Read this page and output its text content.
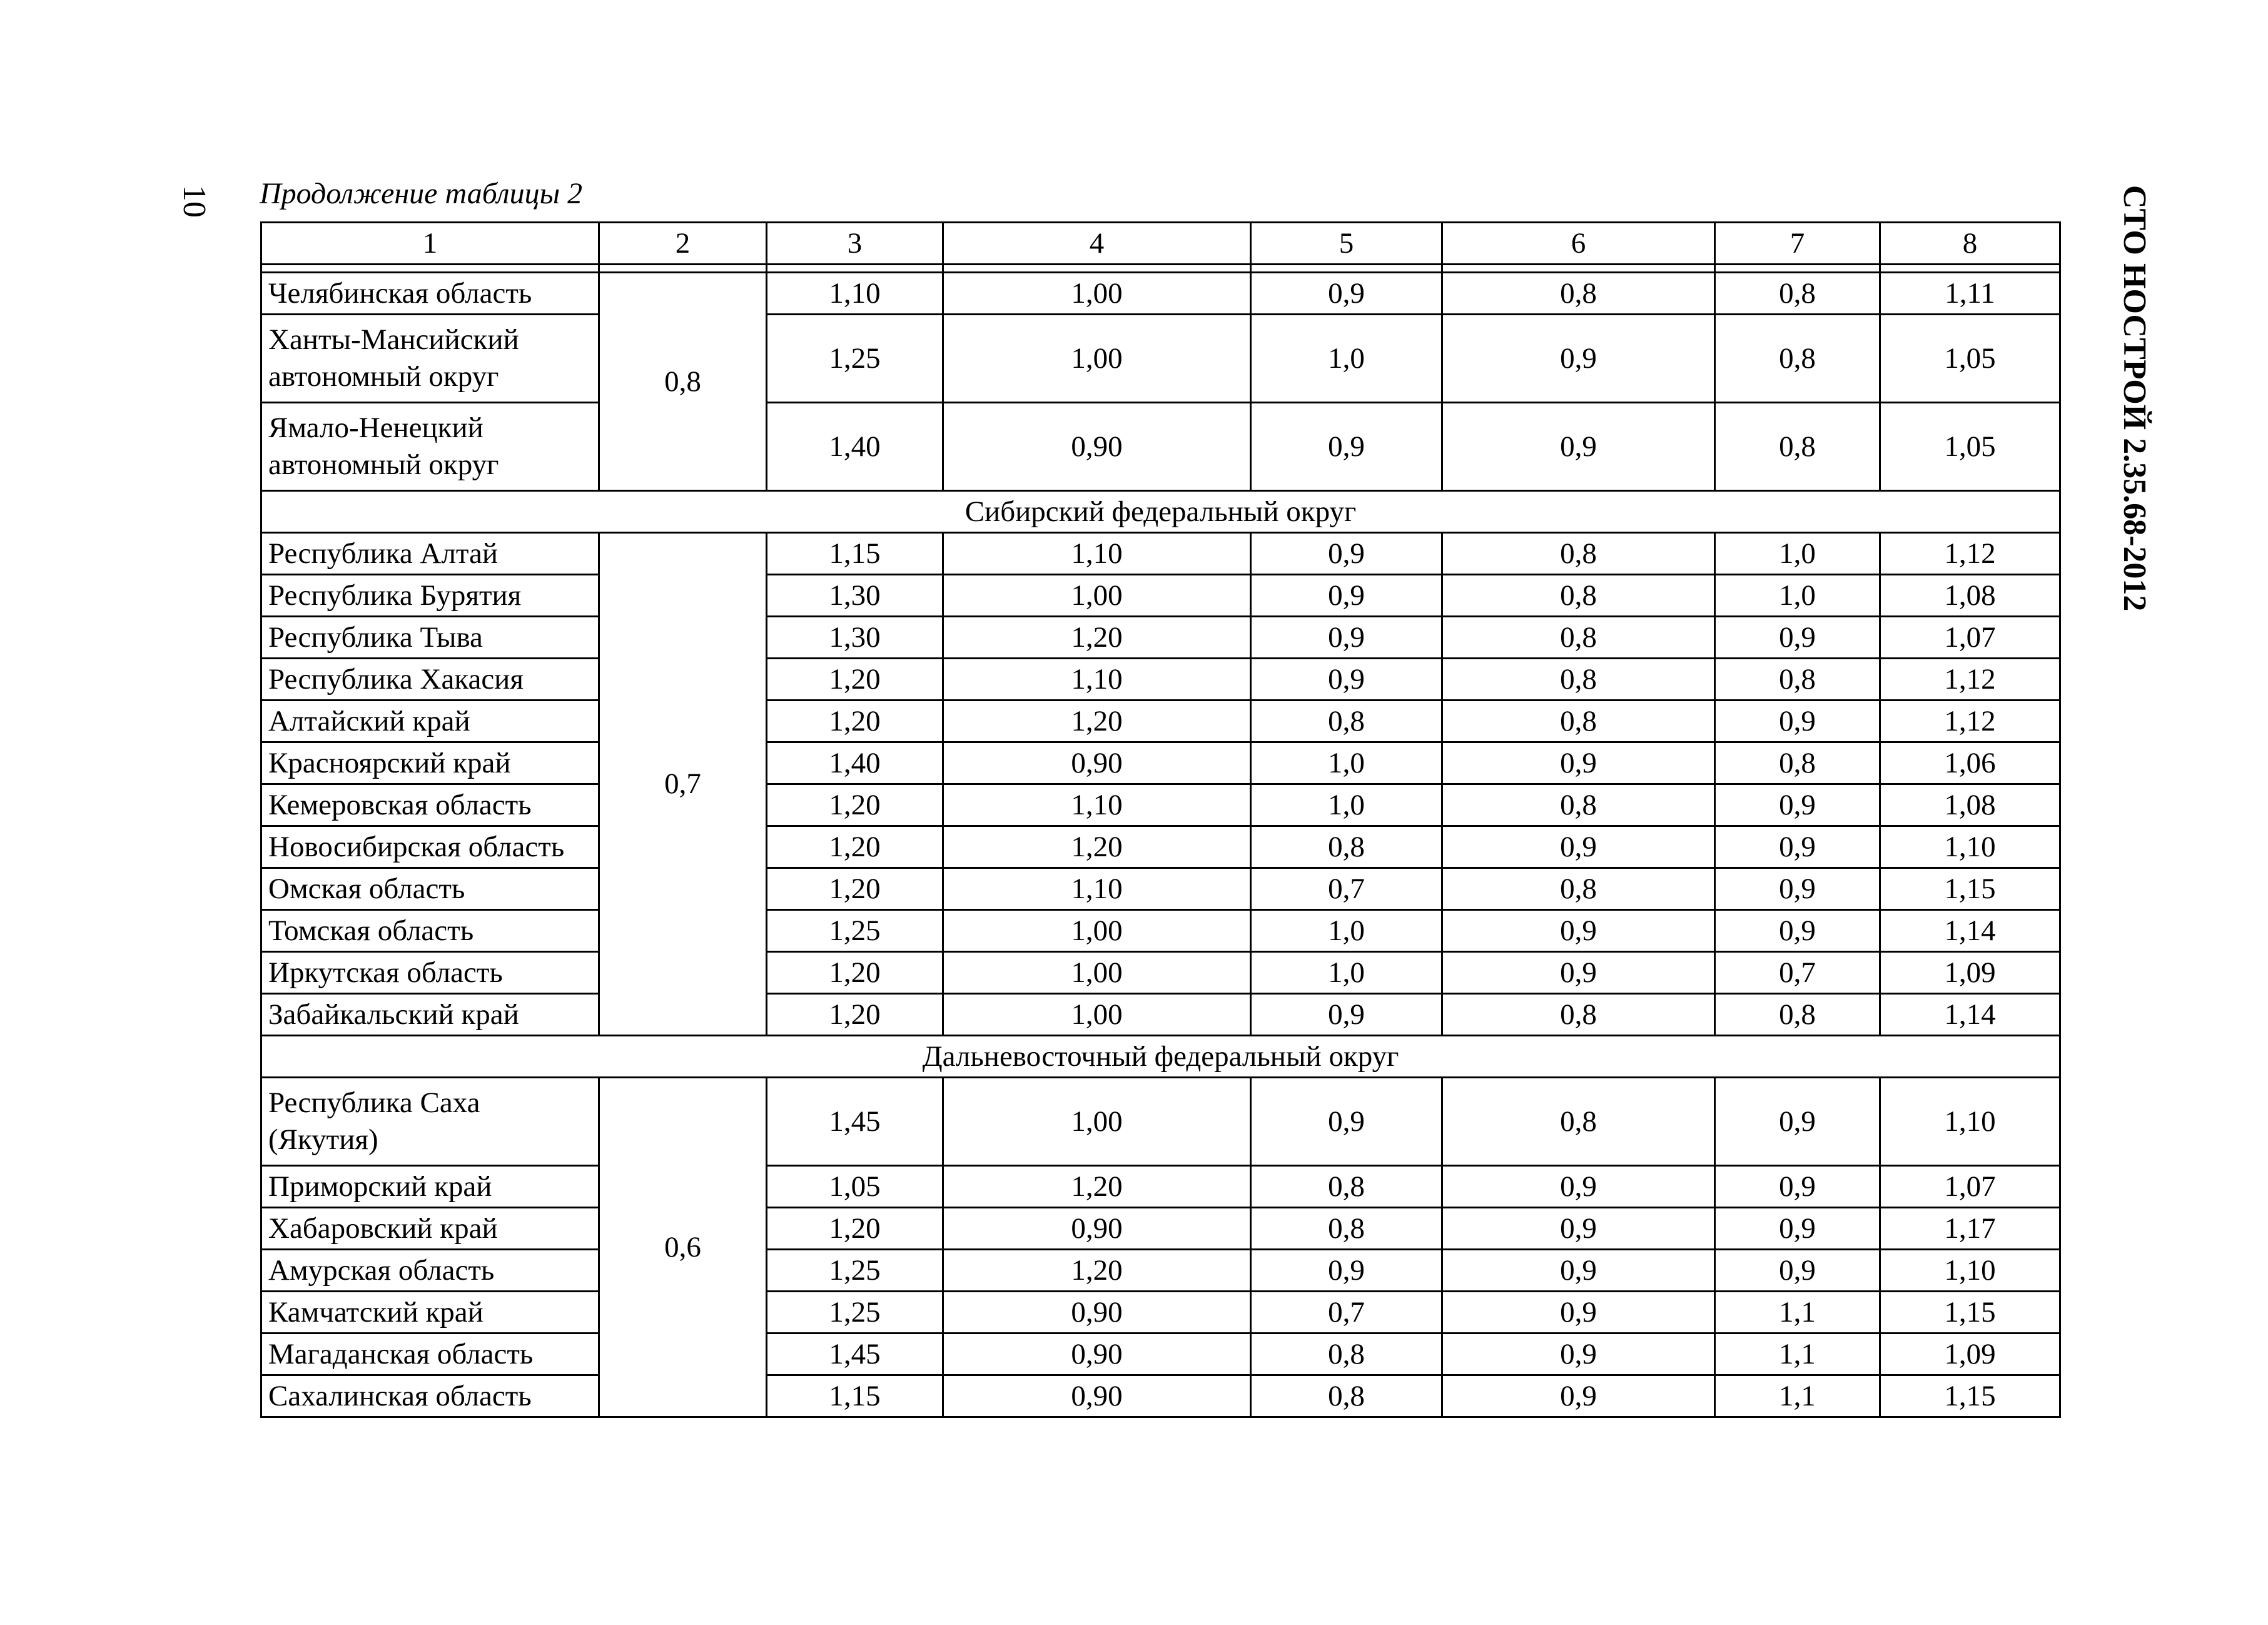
10	СТО НОСТРОЙ 2.35.68-2012
Продолжение таблицы 2
1	2	3	4	5	6	7	8

Челябинская область	0,8	1,10	1,00	0,9	0,8	0,8	1,11
Ханты-Мансийский автономный округ		1,25	1,00	1,0	0,9	0,8	1,05
Ямало-Ненецкий автономный округ		1,40	0,90	0,9	0,9	0,8	1,05
Сибирский федеральный округ							
Республика Алтай	0,7	1,15	1,10	0,9	0,8	1,0	1,12
Республика Бурятия		1,30	1,00	0,9	0,8	1,0	1,08
Республика Тыва		1,30	1,20	0,9	0,8	0,9	1,07
Республика Хакасия		1,20	1,10	0,9	0,8	0,8	1,12
Алтайский край		1,20	1,20	0,8	0,8	0,9	1,12
Красноярский край		1,40	0,90	1,0	0,9	0,8	1,06
Кемеровская область		1,20	1,10	1,0	0,8	0,9	1,08
Новосибирская область		1,20	1,20	0,8	0,9	0,9	1,10
Омская область		1,20	1,10	0,7	0,8	0,9	1,15
Томская область		1,25	1,00	1,0	0,9	0,9	1,14
Иркутская область		1,20	1,00	1,0	0,9	0,7	1,09
Забайкальский край		1,20	1,00	0,9	0,8	0,8	1,14
Дальневосточный федеральный округ							
Республика Саха (Якутия)	0,6	1,45	1,00	0,9	0,8	0,9	1,10
Приморский край		1,05	1,20	0,8	0,9	0,9	1,07
Хабаровский край		1,20	0,90	0,8	0,9	0,9	1,17
Амурская область		1,25	1,20	0,9	0,9	0,9	1,10
Камчатский край		1,25	0,90	0,7	0,9	1,1	1,15
Магаданская область		1,45	0,90	0,8	0,9	1,1	1,09
Сахалинская область		1,15	0,90	0,8	0,9	1,1	1,15
